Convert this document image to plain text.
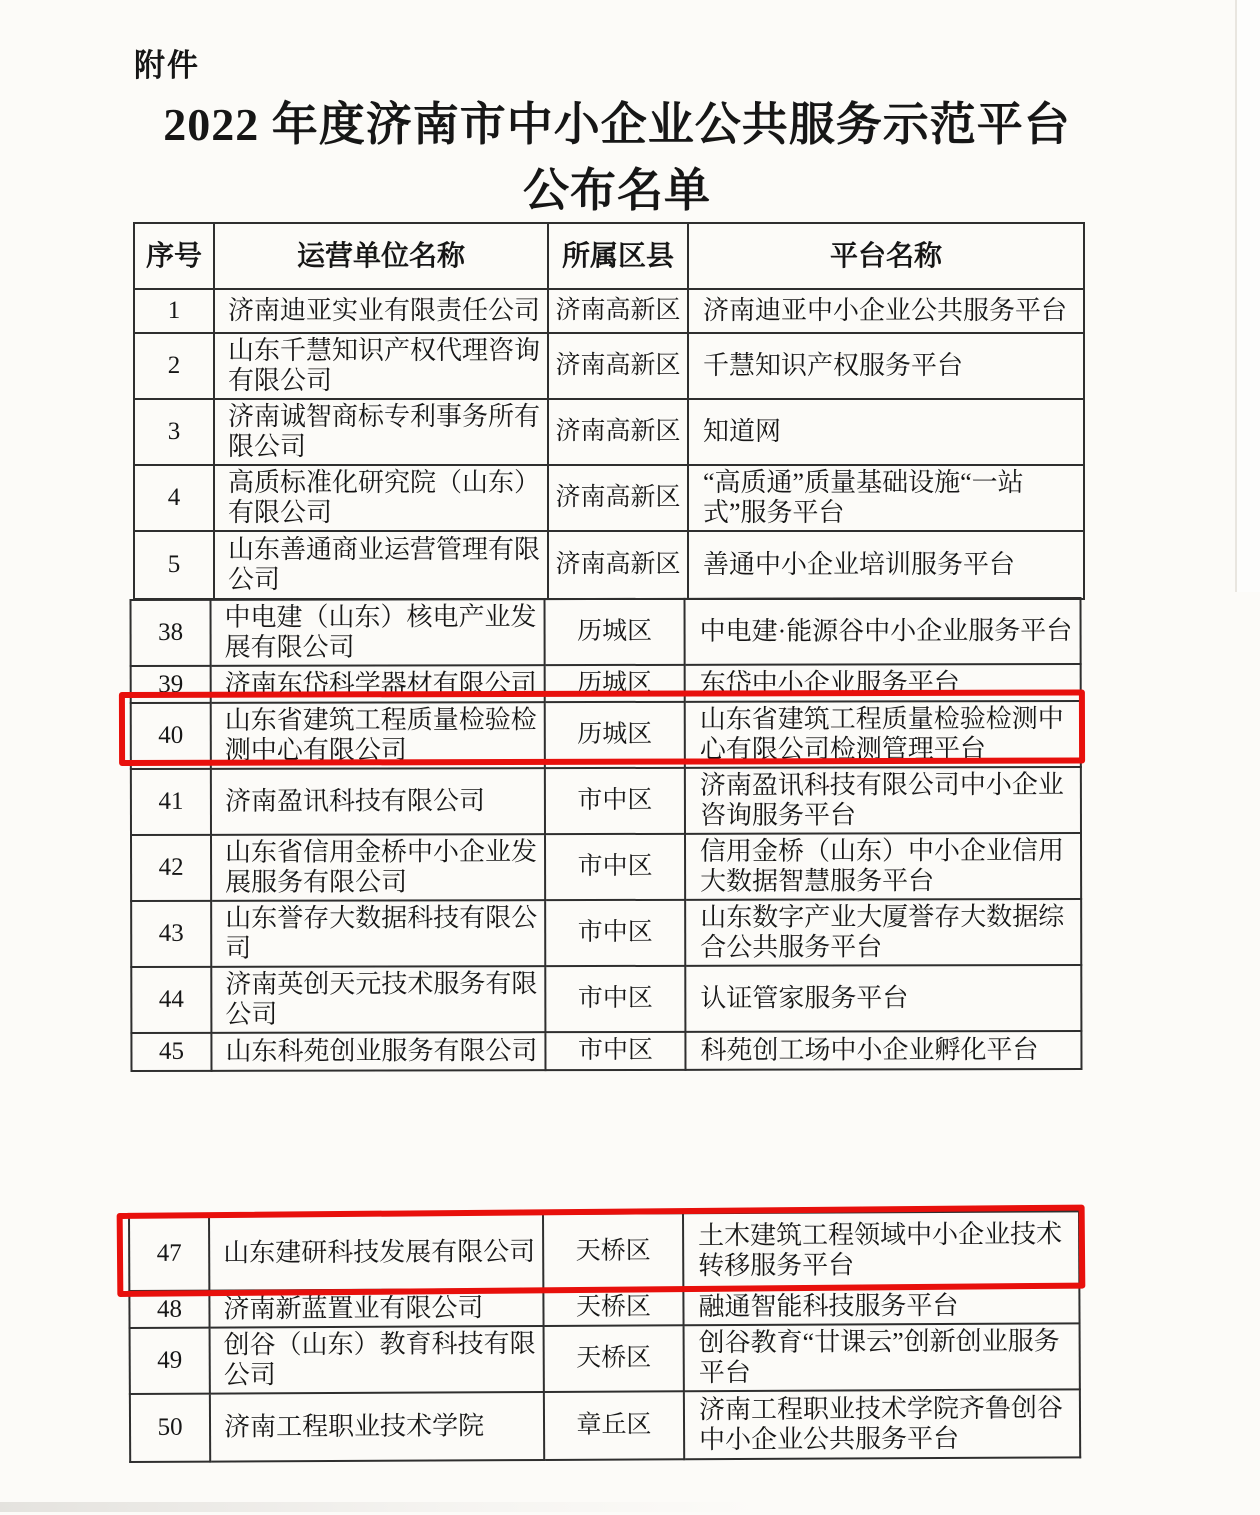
附件
2022 年度济南市中小企业公共服务示范平台
公布名单
序号	运营单位名称	所属区县	平台名称
1	济南迪亚实业有限责任公司	济南高新区	济南迪亚中小企业公共服务平台
2	山东千慧知识产权代理咨询有限公司	济南高新区	千慧知识产权服务平台
3	济南诚智商标专利事务所有限公司	济南高新区	知道网
4	高质标准化研究院（山东）有限公司	济南高新区	“高质通”质量基础设施“一站式”服务平台
5	山东善通商业运营管理有限公司	济南高新区	善通中小企业培训服务平台
38	中电建（山东）核电产业发展有限公司	历城区	中电建·能源谷中小企业服务平台
39	济南东岱科学器材有限公司	历城区	东岱中小企业服务平台
40	山东省建筑工程质量检验检测中心有限公司	历城区	山东省建筑工程质量检验检测中心有限公司检测管理平台
41	济南盈讯科技有限公司	市中区	济南盈讯科技有限公司中小企业咨询服务平台
42	山东省信用金桥中小企业发展服务有限公司	市中区	信用金桥（山东）中小企业信用大数据智慧服务平台
43	山东誉存大数据科技有限公司	市中区	山东数字产业大厦誉存大数据综合公共服务平台
44	济南英创天元技术服务有限公司	市中区	认证管家服务平台
45	山东科苑创业服务有限公司	市中区	科苑创工场中小企业孵化平台
47	山东建研科技发展有限公司	天桥区	土木建筑工程领域中小企业技术转移服务平台
48	济南新蓝置业有限公司	天桥区	融通智能科技服务平台
49	创谷（山东）教育科技有限公司	天桥区	创谷教育“廿课云”创新创业服务平台
50	济南工程职业技术学院	章丘区	济南工程职业技术学院齐鲁创谷中小企业公共服务平台
